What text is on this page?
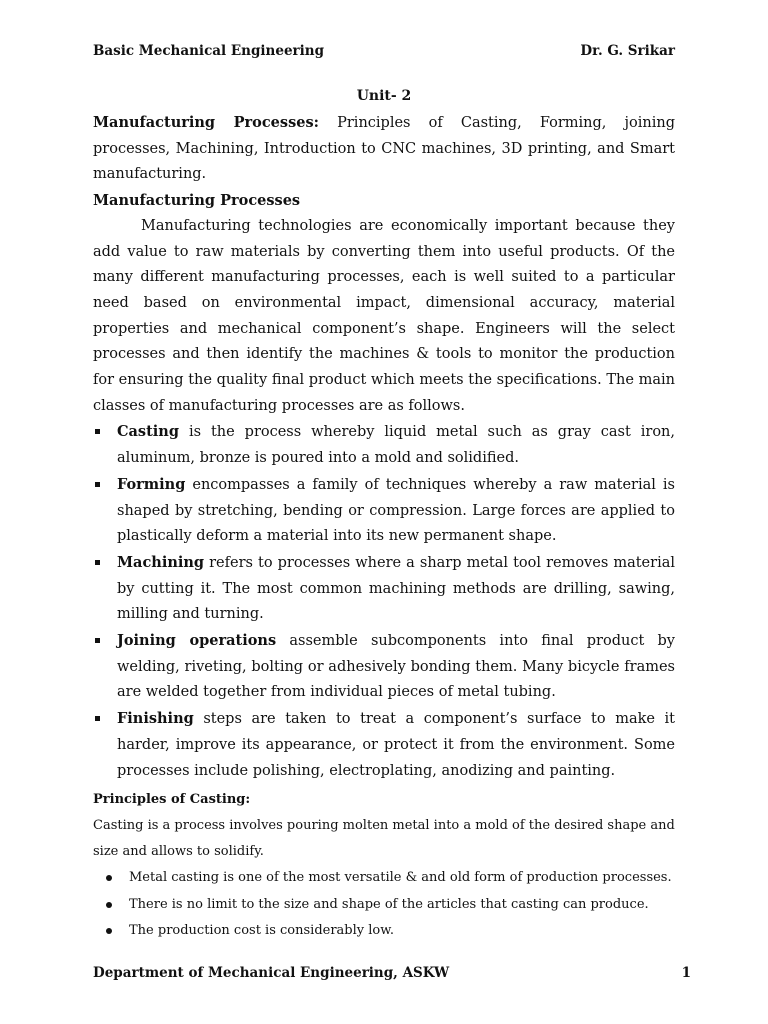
Basic Mechanical Engineering	Dr. G. Srikar
Unit- 2

Manufacturing Processes: Principles of Casting, Forming, joining processes, Machining, Introduction to CNC machines, 3D printing, and Smart manufacturing.

Manufacturing Processes

Manufacturing technologies are economically important because they add value to raw materials by converting them into useful products. Of the many different manufacturing processes, each is well suited to a particular need based on environmental impact, dimensional accuracy, material properties and mechanical component’s shape. Engineers will the select processes and then identify the machines & tools to monitor the production for ensuring the quality final product which meets the specifications. The main classes of manufacturing processes are as follows.

Casting is the process whereby liquid metal such as gray cast iron, aluminum, bronze is poured into a mold and solidified.
Forming encompasses a family of techniques whereby a raw material is shaped by stretching, bending or compression. Large forces are applied to plastically deform a material into its new permanent shape.
Machining refers to processes where a sharp metal tool removes material by cutting it. The most common machining methods are drilling, sawing, milling and turning.
Joining operations assemble subcomponents into final product by welding, riveting, bolting or adhesively bonding them. Many bicycle frames are welded together from individual pieces of metal tubing.
Finishing steps are taken to treat a component’s surface to make it harder, improve its appearance, or protect it from the environment. Some processes include polishing, electroplating, anodizing and painting.

Principles of Casting:

Casting is a process involves pouring molten metal into a mold of the desired shape and size and allows to solidify.

Metal casting is one of the most versatile & and old form of production processes.
There is no limit to the size and shape of the articles that casting can produce.
The production cost is considerably low.
Department of Mechanical Engineering, ASKW	1
